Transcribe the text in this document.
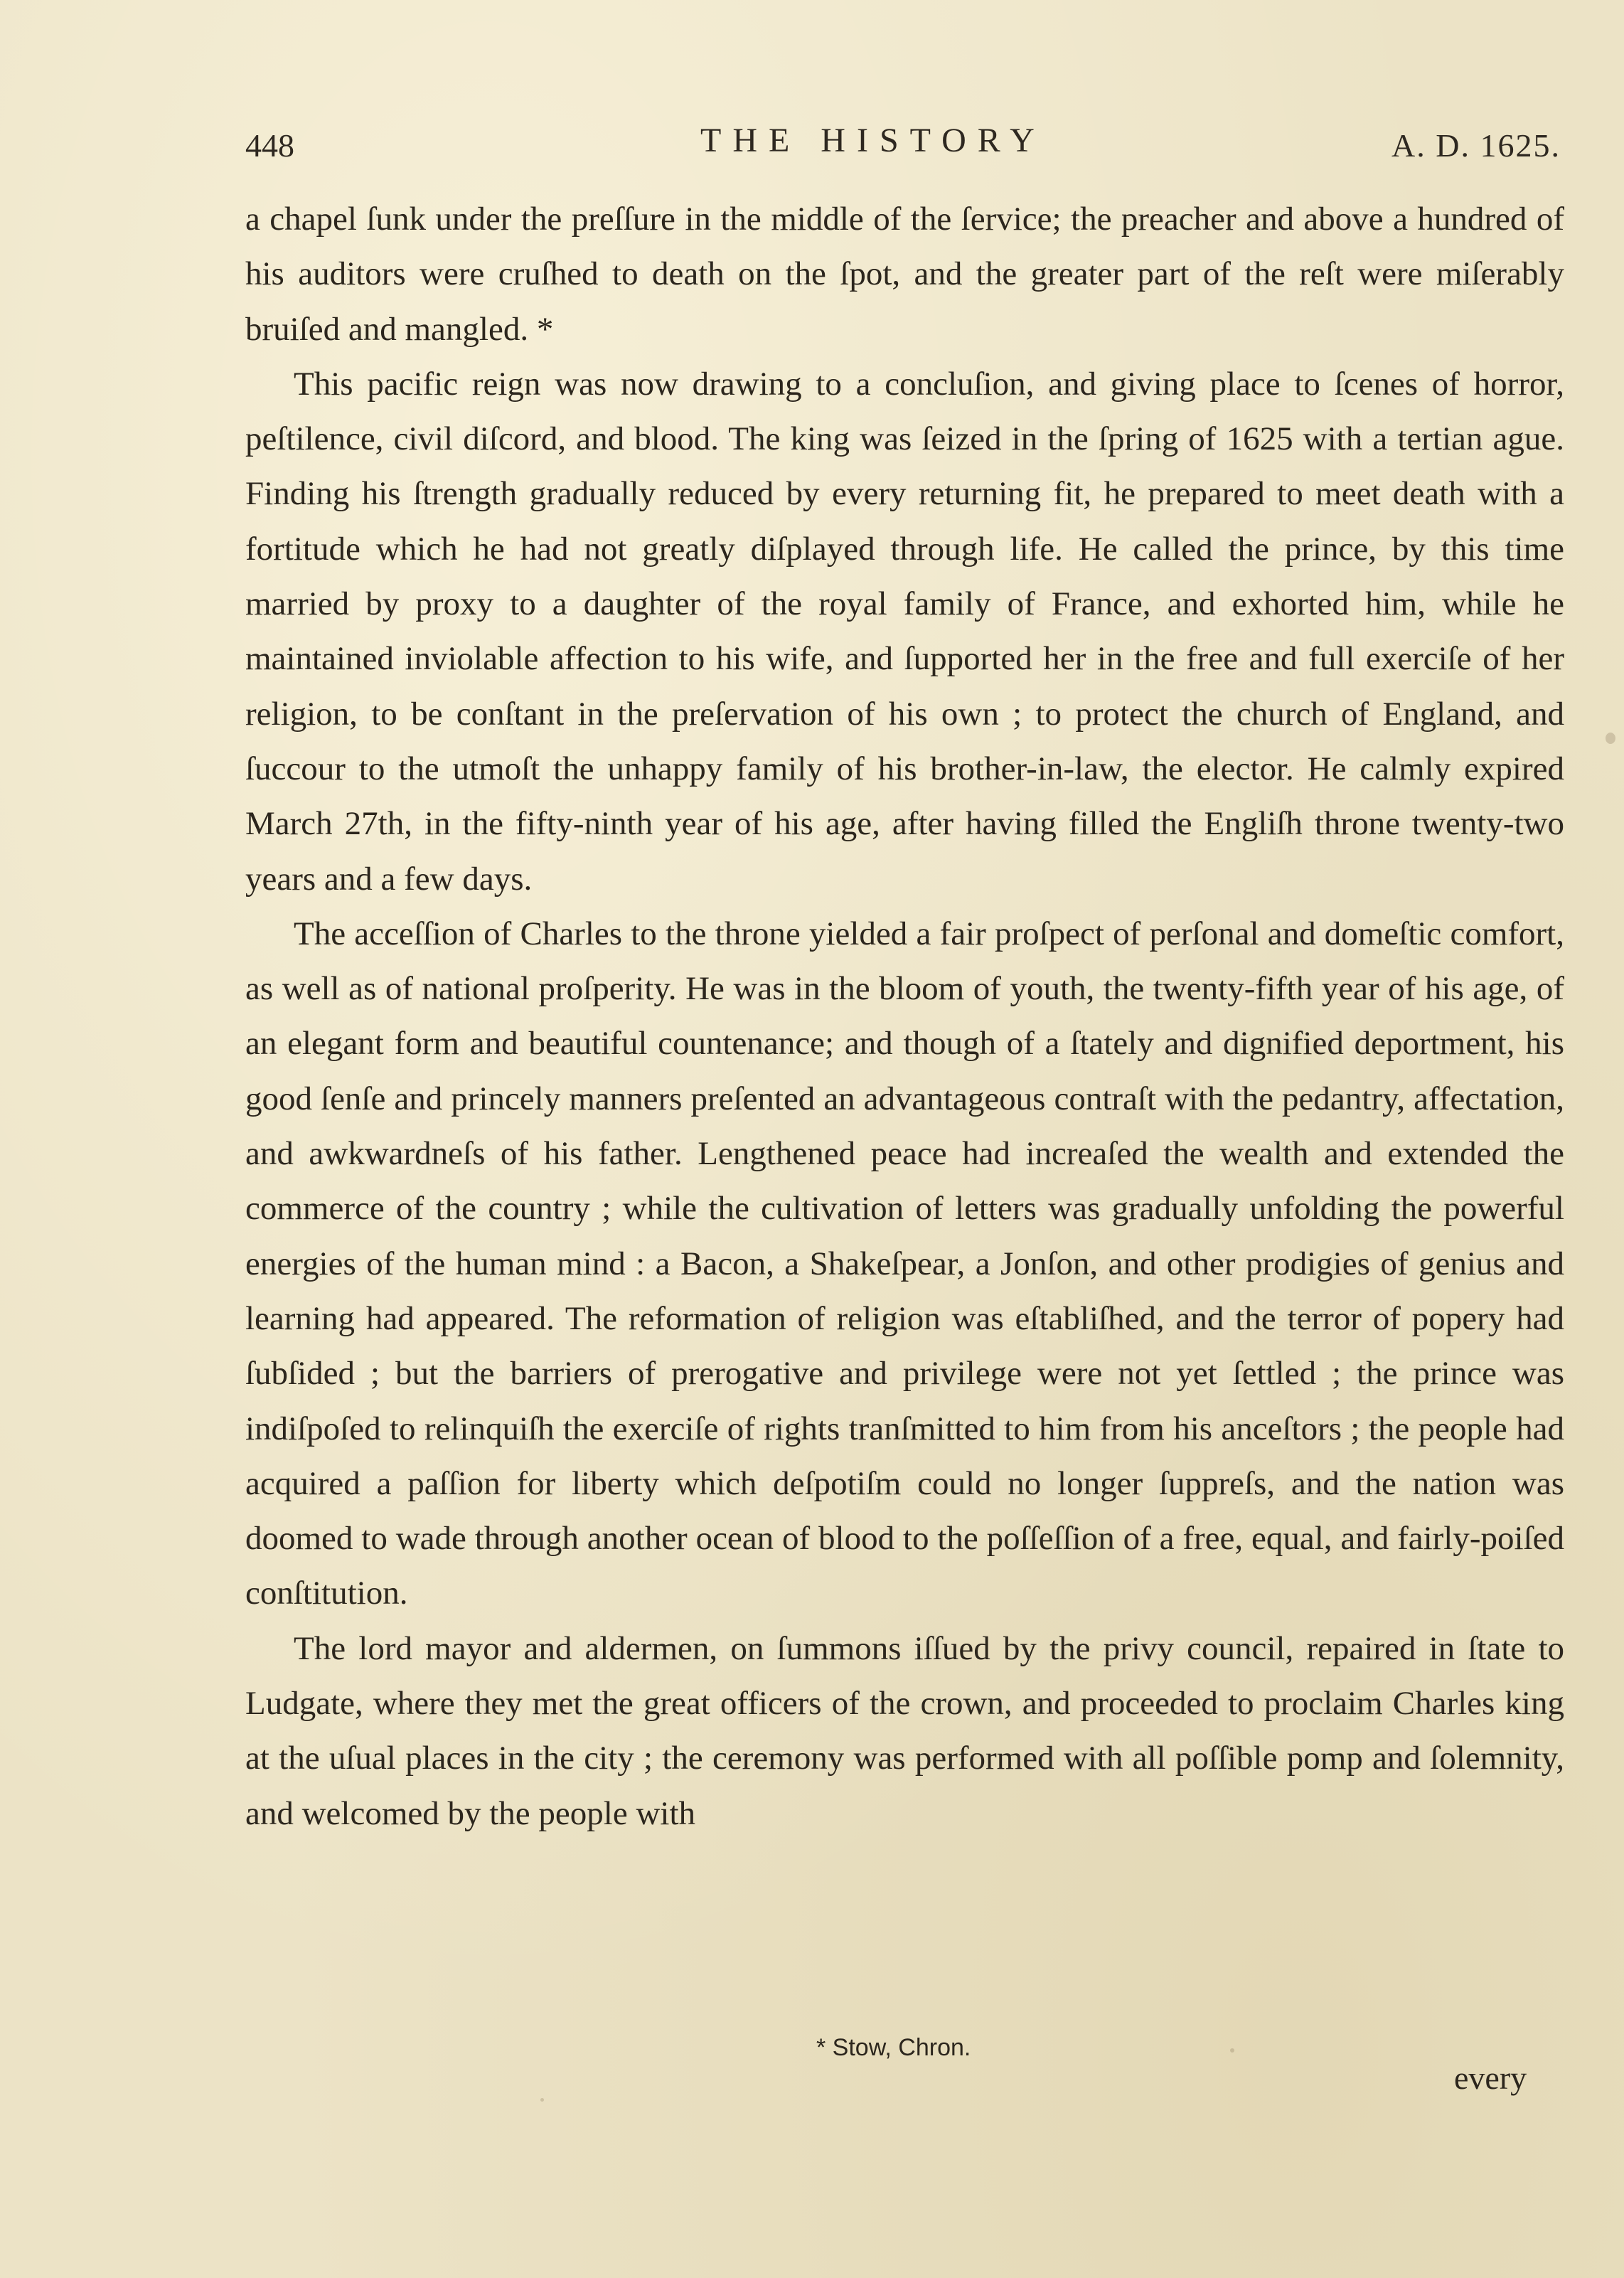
448	THE HISTORY	A. D. 1625.

a chapel ſunk under the preſſure in the middle of the ſervice; the preacher and above a hundred of his auditors were cruſhed to death on the ſpot, and the greater part of the reſt were miſerably bruiſed and mangled. *

This pacific reign was now drawing to a concluſion, and giving place to ſcenes of horror, peſtilence, civil diſcord, and blood. The king was ſeized in the ſpring of 1625 with a tertian ague. Finding his ſtrength gradually reduced by every returning fit, he prepared to meet death with a fortitude which he had not greatly diſplayed through life. He called the prince, by this time married by proxy to a daughter of the royal family of France, and exhorted him, while he maintained inviolable affection to his wife, and ſupported her in the free and full exerciſe of her religion, to be conſtant in the preſervation of his own ; to protect the church of England, and ſuccour to the utmoſt the unhappy family of his brother-in-law, the elector. He calmly expired March 27th, in the fifty-ninth year of his age, after having filled the Engliſh throne twenty-two years and a few days.

The acceſſion of Charles to the throne yielded a fair proſpect of perſonal and domeſtic comfort, as well as of national proſperity. He was in the bloom of youth, the twenty-fifth year of his age, of an elegant form and beautiful countenance; and though of a ſtately and dignified deportment, his good ſenſe and princely manners preſented an advantageous contraſt with the pedantry, affectation, and awkwardneſs of his father. Lengthened peace had increaſed the wealth and extended the commerce of the country ; while the cultivation of letters was gradually unfolding the powerful energies of the human mind : a Bacon, a Shakeſpear, a Jonſon, and other prodigies of genius and learning had appeared. The reformation of religion was eſtabliſhed, and the terror of popery had ſubſided ; but the barriers of prerogative and privilege were not yet ſettled ; the prince was indiſpoſed to relinquiſh the exerciſe of rights tranſmitted to him from his anceſtors ; the people had acquired a paſſion for liberty which deſpotiſm could no longer ſuppreſs, and the nation was doomed to wade through another ocean of blood to the poſſeſſion of a free, equal, and fairly-poiſed conſtitution.

The lord mayor and aldermen, on ſummons iſſued by the privy council, repaired in ſtate to Ludgate, where they met the great officers of the crown, and proceeded to proclaim Charles king at the uſual places in the city ; the ceremony was performed with all poſſible pomp and ſolemnity, and welcomed by the people with

* Stow, Chron.
every
